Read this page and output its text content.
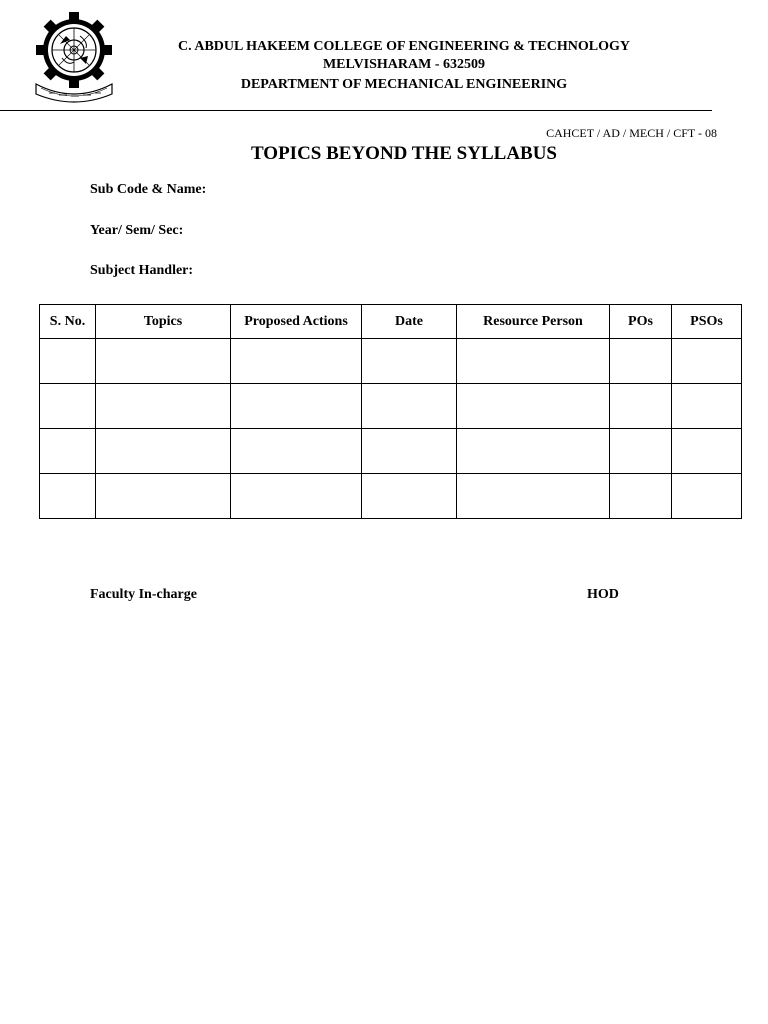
C. ABDUL HAKEEM COLLEGE OF ENGINEERING & TECHNOLOGY
MELVISHARAM - 632509
DEPARTMENT OF MECHANICAL ENGINEERING
CAHCET / AD / MECH / CFT - 08
TOPICS BEYOND THE SYLLABUS
Sub Code & Name:
Year/ Sem/ Sec:
Subject Handler:
S. No.	Topics	Proposed Actions	Date	Resource Person	POs	PSOs

Faculty In-charge	HOD
